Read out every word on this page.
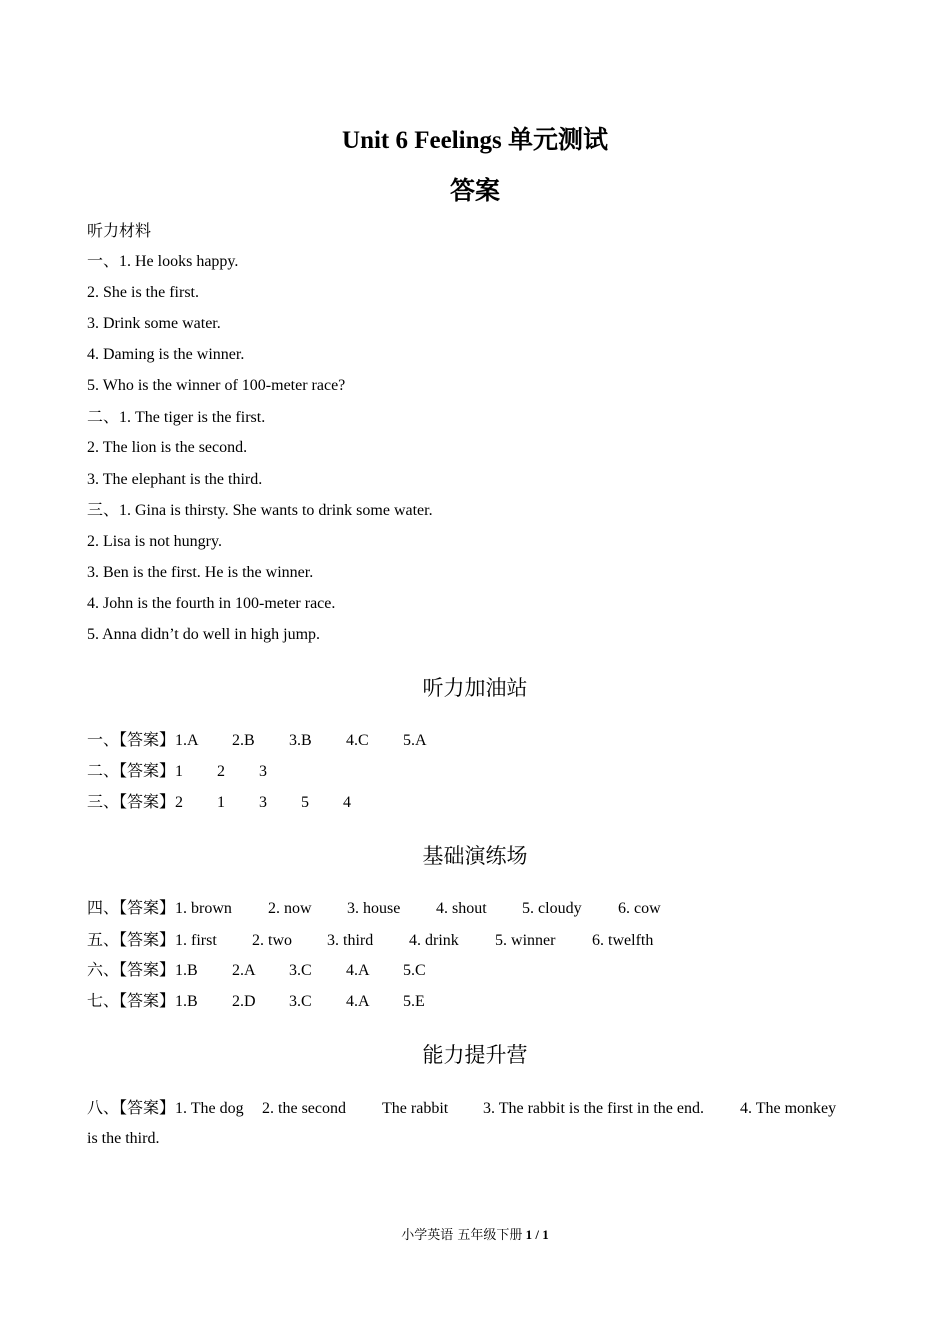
Unit 6 Feelings 单元测试
答案
听力材料
一、1. He looks happy.
2. She is the first.
3. Drink some water.
4. Daming is the winner.
5. Who is the winner of 100-meter race?
二、1. The tiger is the first.
2. The lion is the second.
3. The elephant is the third.
三、1. Gina is thirsty. She wants to drink some water.
2. Lisa is not hungry.
3. Ben is the first. He is the winner.
4. John is the fourth in 100-meter race.
5. Anna didn’t do well in high jump.
听力加油站
一、【答案】1.A 2.B 3.B 4.C 5.A
二、【答案】1 2 3
三、【答案】2 1 3 5 4
基础演练场
四、【答案】1. brown 2. now 3. house 4. shout 5. cloudy 6. cow
五、【答案】1. first 2. two 3. third 4. drink 5. winner 6. twelfth
六、【答案】1.B 2.A 3.C 4.A 5.C
七、【答案】1.B 2.D 3.C 4.A 5.E
能力提升营
八、【答案】1. The dog 2. the second The rabbit 3. The rabbit is the first in the end. 4. The monkey
is the third.
小学英语 五年级下册 1 / 1
